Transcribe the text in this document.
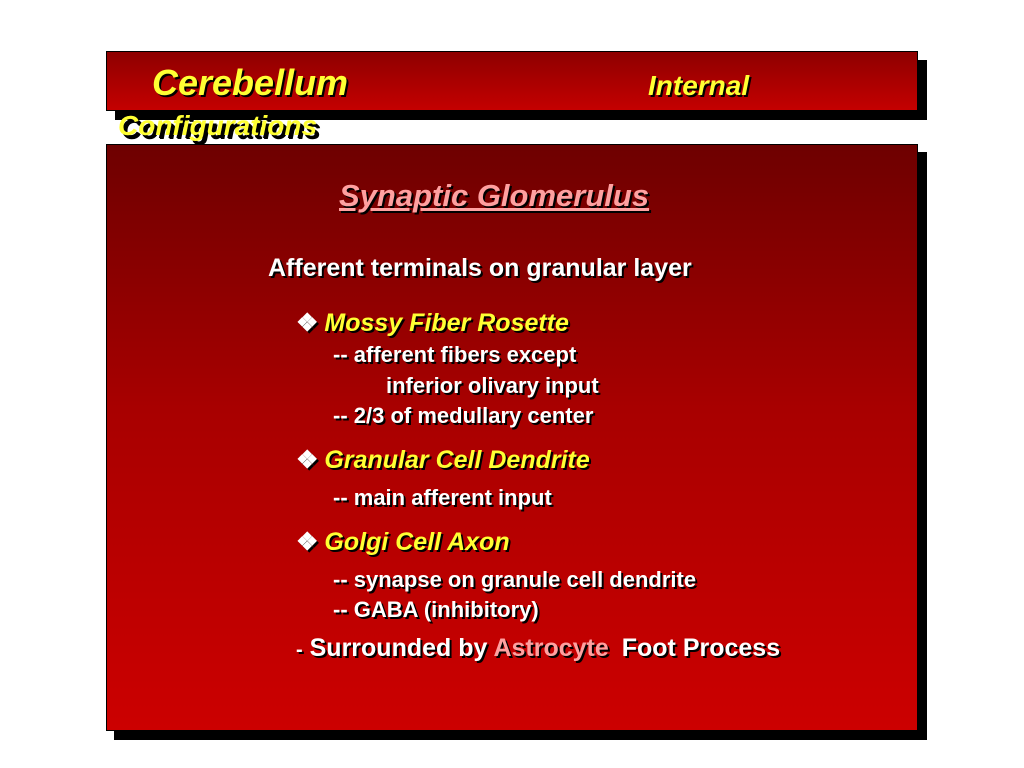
Cerebellum	Internal
Configurations
Synaptic Glomerulus
Afferent terminals on granular layer
❖ Mossy Fiber Rosette
-- afferent fibers except
inferior olivary input
-- 2/3 of medullary center
❖ Granular Cell Dendrite
-- main afferent input
❖ Golgi Cell Axon
-- synapse on granule cell dendrite
-- GABA (inhibitory)
- Surrounded by Astrocyte Foot Process
